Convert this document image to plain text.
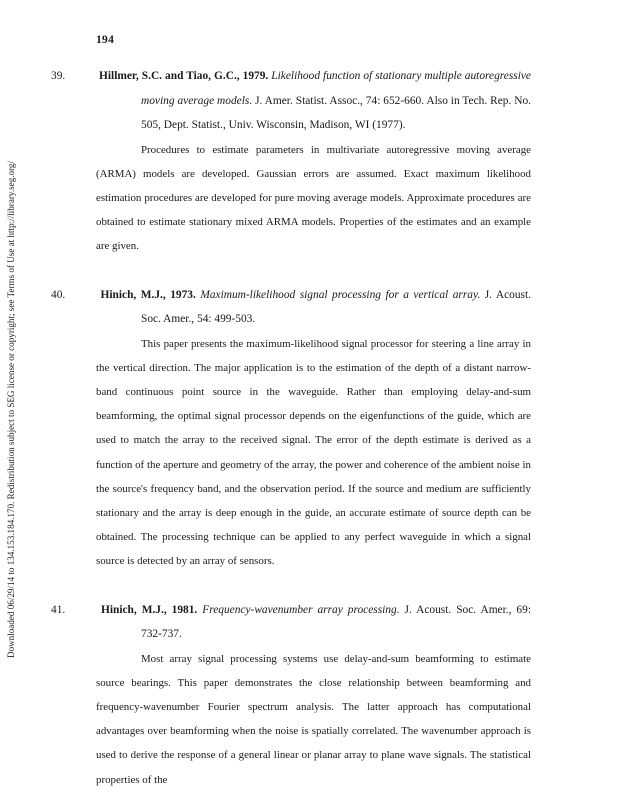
194
Downloaded 06/29/14 to 134.153.184.170. Redistribution subject to SEG license or copyright; see Terms of Use at http://library.seg.org/

39.	Hillmer, S.C. and Tiao, G.C., 1979. Likelihood function of stationary multiple autoregressive moving average models. J. Amer. Statist. Assoc., 74: 652-660. Also in Tech. Rep. No. 505, Dept. Statist., Univ. Wisconsin, Madison, WI (1977).

Procedures to estimate parameters in multivariate autoregressive moving average (ARMA) models are developed. Gaussian errors are assumed. Exact maximum likelihood estimation procedures are developed for pure moving average models. Approximate procedures are obtained to estimate stationary mixed ARMA models. Properties of the estimates and an example are given.

40.	Hinich, M.J., 1973. Maximum-likelihood signal processing for a vertical array. J. Acoust. Soc. Amer., 54: 499-503.

This paper presents the maximum-likelihood signal processor for steering a line array in the vertical direction. The major application is to the estimation of the depth of a distant narrow-band continuous point source in the waveguide. Rather than employing delay-and-sum beamforming, the optimal signal processor depends on the eigenfunctions of the guide, which are used to match the array to the received signal. The error of the depth estimate is derived as a function of the aperture and geometry of the array, the power and coherence of the ambient noise in the source's frequency band, and the observation period. If the source and medium are sufficiently stationary and the array is deep enough in the guide, an accurate estimate of source depth can be obtained. The processing technique can be applied to any perfect waveguide in which a signal source is detected by an array of sensors.

41.	Hinich, M.J., 1981. Frequency-wavenumber array processing. J. Acoust. Soc. Amer., 69: 732-737.

Most array signal processing systems use delay-and-sum beamforming to estimate source bearings. This paper demonstrates the close relationship between beamforming and frequency-wavenumber Fourier spectrum analysis. The latter approach has computational advantages over beamforming when the noise is spatially correlated. The wavenumber approach is used to derive the response of a general linear or planar array to plane wave signals. The statistical properties of the
